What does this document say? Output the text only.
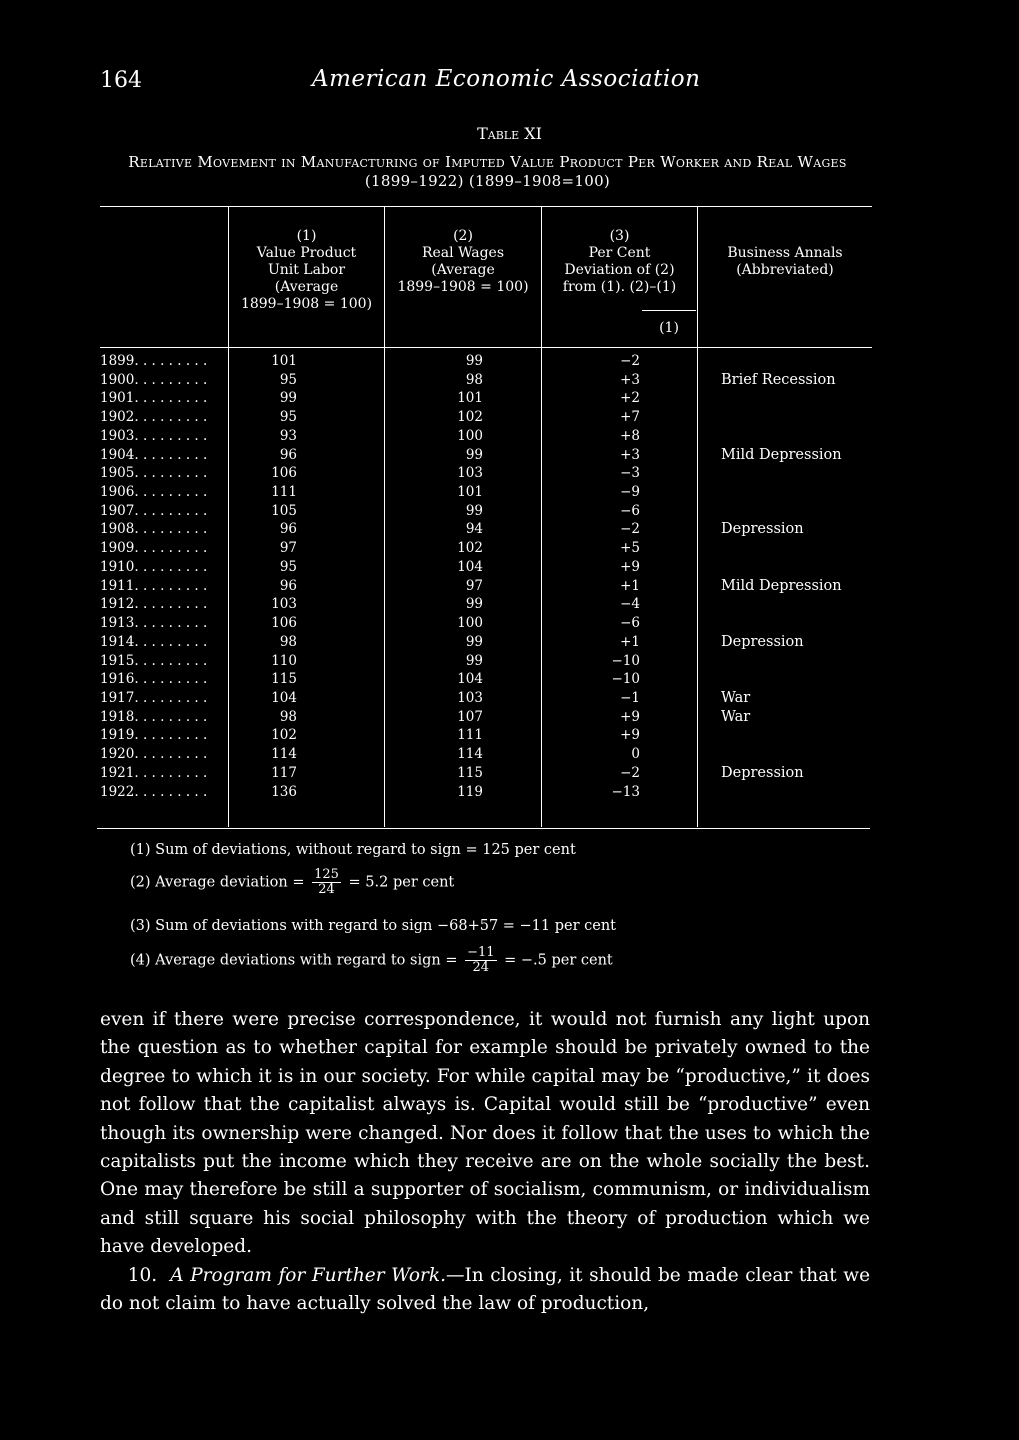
164	American Economic Association
Table XI
Relative Movement in Manufacturing of Imputed Value Product Per Worker and Real Wages (1899–1922) (1899–1908=100)
(1)
Value Product
Unit Labor
(Average
1899–1908 = 100)
(2)
Real Wages
(Average
1899–1908 = 100)
(3)
Per Cent
Deviation of (2)
from (1). (2)–(1)
(1)
Business Annals
(Abbreviated)
1899. . . . . . . . .	101	99	−2
1900. . . . . . . . .	95	98	+3	Brief Recession
1901. . . . . . . . .	99	101	+2
1902. . . . . . . . .	95	102	+7
1903. . . . . . . . .	93	100	+8
1904. . . . . . . . .	96	99	+3	Mild Depression
1905. . . . . . . . .	106	103	−3
1906. . . . . . . . .	111	101	−9
1907. . . . . . . . .	105	99	−6
1908. . . . . . . . .	96	94	−2	Depression
1909. . . . . . . . .	97	102	+5
1910. . . . . . . . .	95	104	+9
1911. . . . . . . . .	96	97	+1	Mild Depression
1912. . . . . . . . .	103	99	−4
1913. . . . . . . . .	106	100	−6
1914. . . . . . . . .	98	99	+1	Depression
1915. . . . . . . . .	110	99	−10
1916. . . . . . . . .	115	104	−10
1917. . . . . . . . .	104	103	−1	War
1918. . . . . . . . .	98	107	+9	War
1919. . . . . . . . .	102	111	+9
1920. . . . . . . . .	114	114	0
1921. . . . . . . . .	117	115	−2	Depression
1922. . . . . . . . .	136	119	−13
(1) Sum of deviations, without regard to sign = 125 per cent
(2) Average deviation = $\frac{125}{24} = 5.2$ per cent
(3) Sum of deviations with regard to sign −68+57 = −11 per cent
(4) Average deviations with regard to sign = $\frac{-11}{24} = -.5$ per cent

even if there were precise correspondence, it would not furnish any light upon the question as to whether capital for example should be privately owned to the degree to which it is in our society. For while capital may be “productive,” it does not follow that the capitalist always is. Capital would still be “productive” even though its ownership were changed. Nor does it follow that the uses to which the capitalists put the income which they receive are on the whole socially the best. One may therefore be still a supporter of socialism, communism, or individualism and still square his social philosophy with the theory of production which we have developed.

10. A Program for Further Work.—In closing, it should be made clear that we do not claim to have actually solved the law of production,
